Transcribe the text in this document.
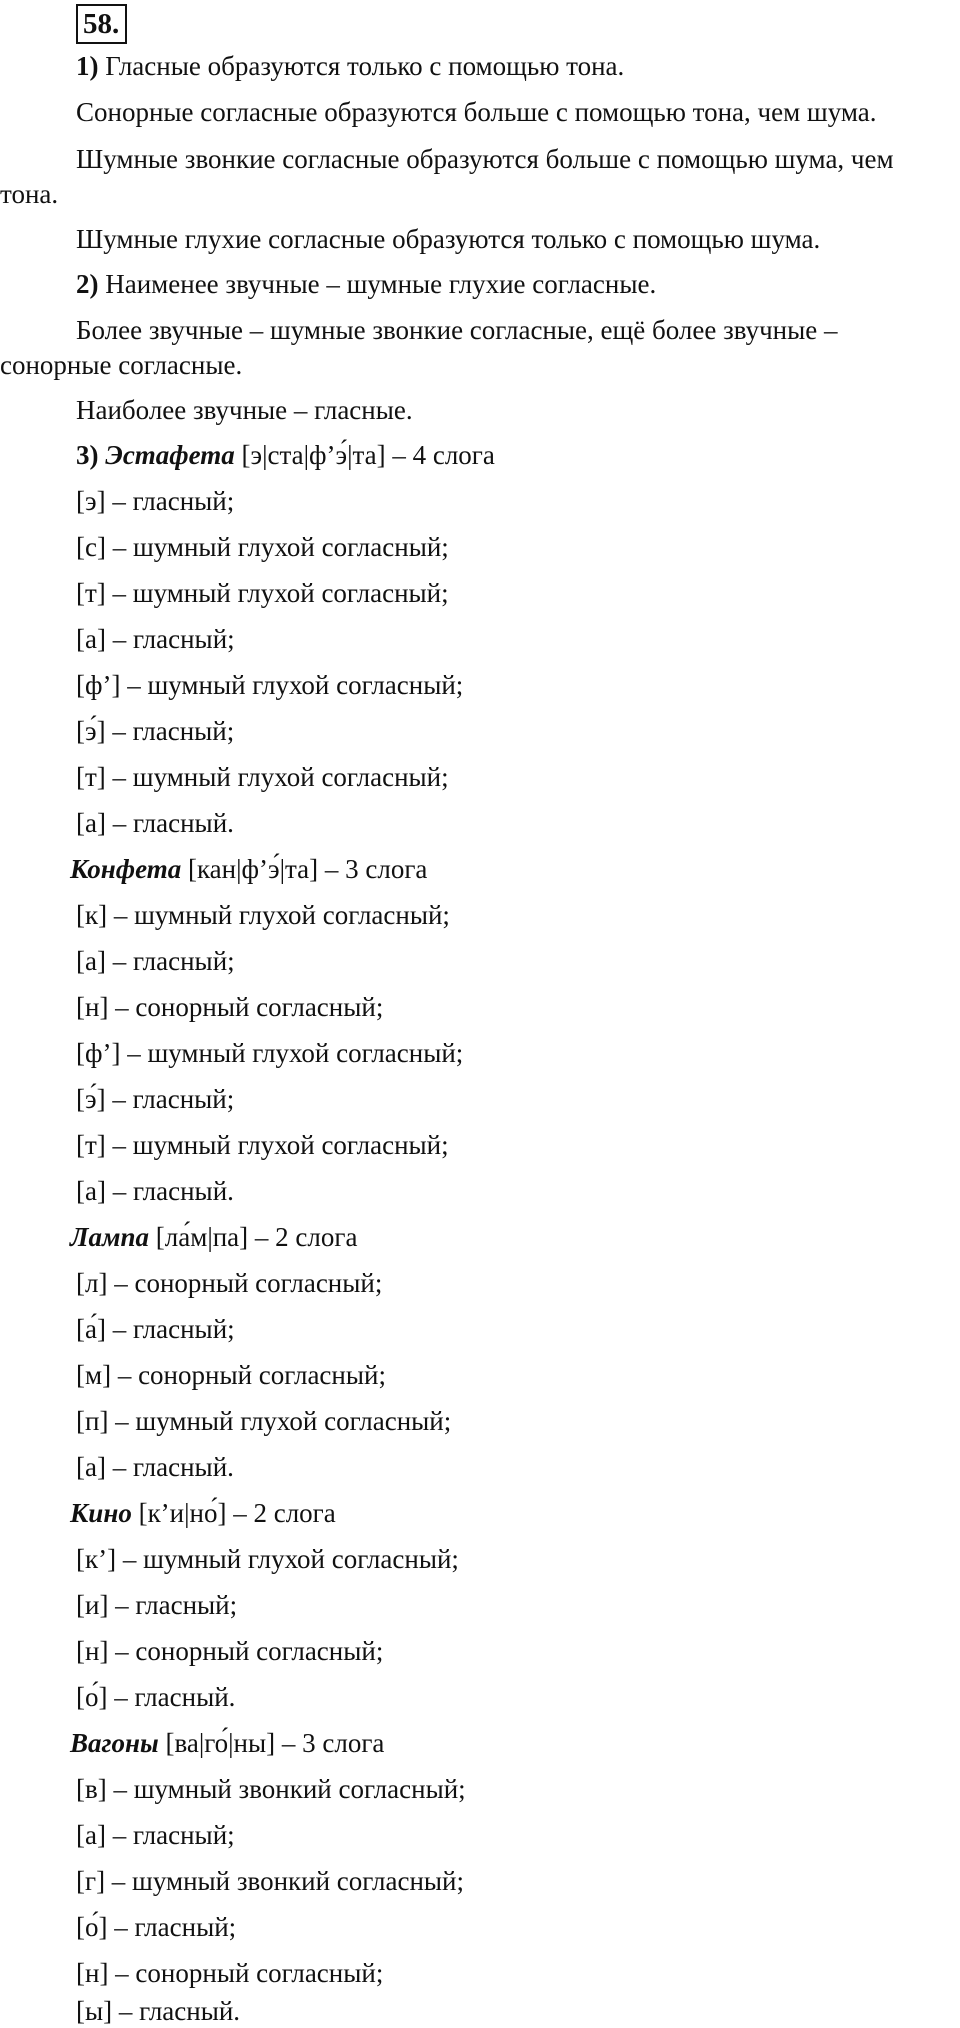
58.
1) Гласные образуются только с помощью тона.
Сонорные согласные образуются больше с помощью тона, чем шума.
Шумные звонкие согласные образуются больше с помощью шума, чем
тона.
Шумные глухие согласные образуются только с помощью шума.
2) Наименее звучные – шумные глухие согласные.
Более звучные – шумные звонкие согласные, ещё более звучные –
сонорные согласные.
Наиболее звучные – гласные.
3) Эстафета [э|ста|ф’э́|та] – 4 слога
[э] – гласный;
[с] – шумный глухой согласный;
[т] – шумный глухой согласный;
[а] – гласный;
[ф’] – шумный глухой согласный;
[э́] – гласный;
[т] – шумный глухой согласный;
[а] – гласный.
Конфета [кан|ф’э́|та] – 3 слога
[к] – шумный глухой согласный;
[а] – гласный;
[н] – сонорный согласный;
[ф’] – шумный глухой согласный;
[э́] – гласный;
[т] – шумный глухой согласный;
[а] – гласный.
Лампа [ла́м|па] – 2 слога
[л] – сонорный согласный;
[а́] – гласный;
[м] – сонорный согласный;
[п] – шумный глухой согласный;
[а] – гласный.
Кино [к’и|но́] – 2 слога
[к’] – шумный глухой согласный;
[и] – гласный;
[н] – сонорный согласный;
[о́] – гласный.
Вагоны [ва|го́|ны] – 3 слога
[в] – шумный звонкий согласный;
[а] – гласный;
[г] – шумный звонкий согласный;
[о́] – гласный;
[н] – сонорный согласный;
[ы] – гласный.
